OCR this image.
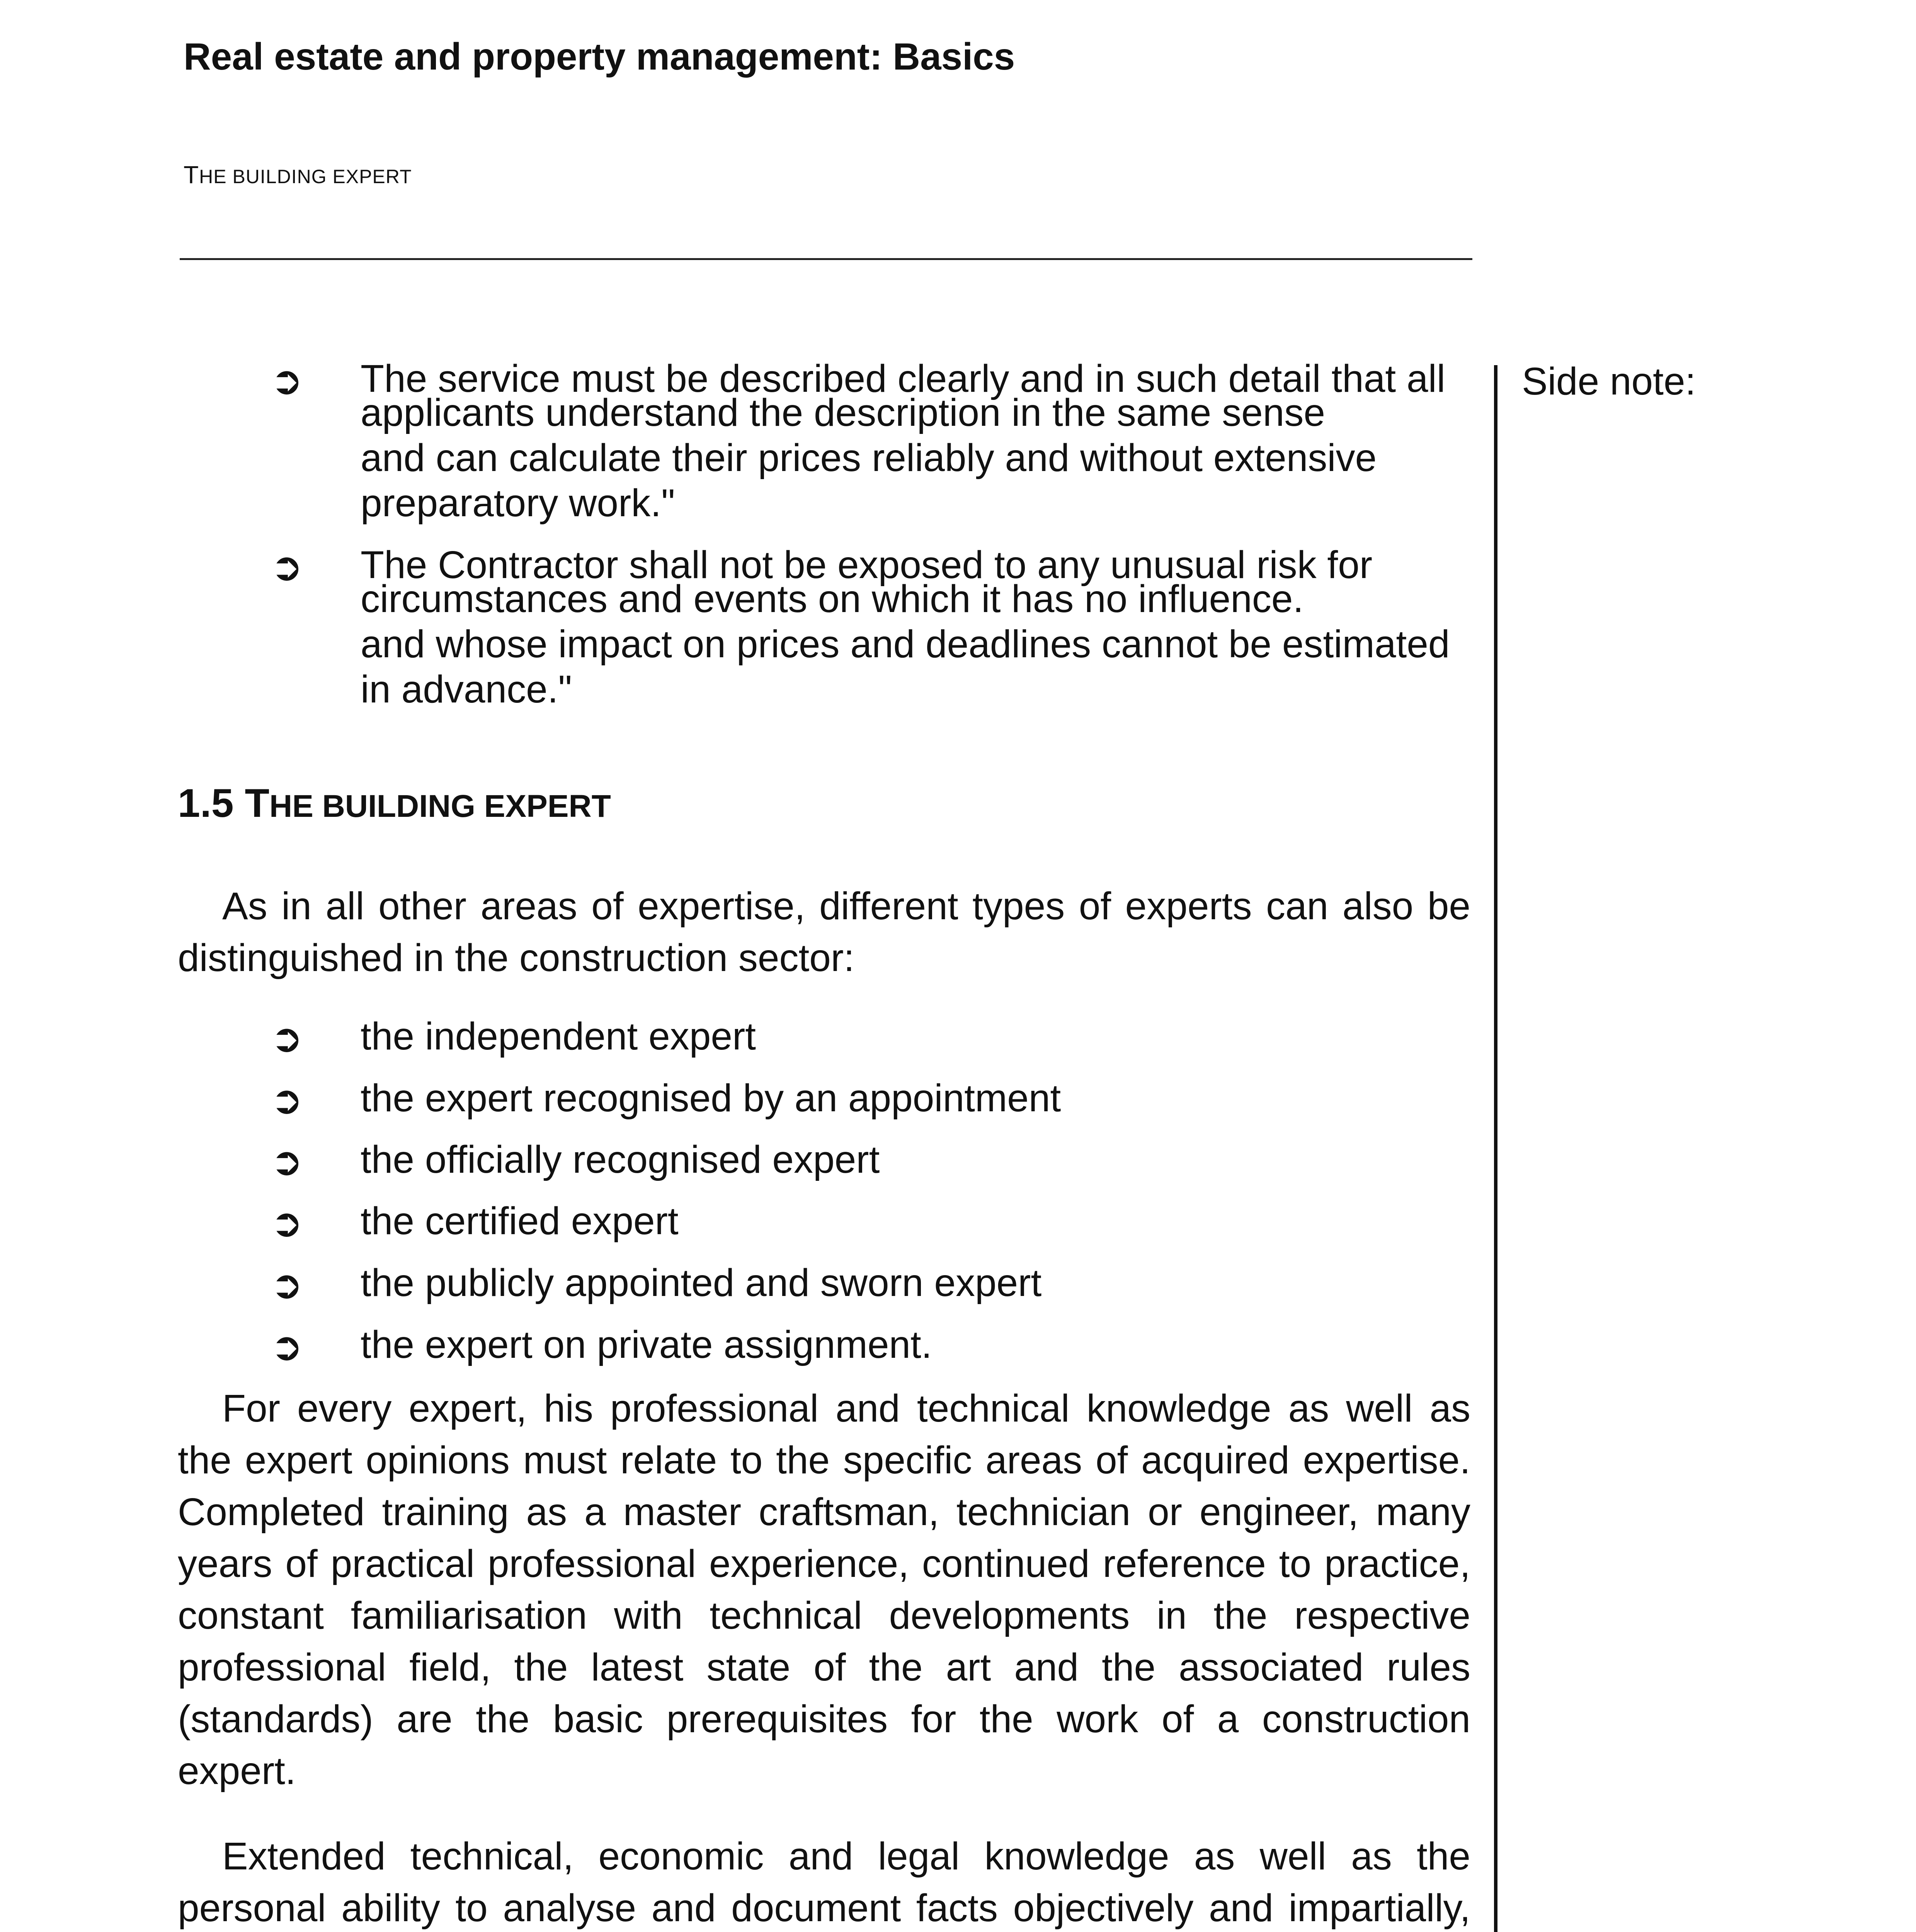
Real estate and property management: Basics
THE BUILDING EXPERT
Side note:
➲ The service must be described clearly and in such detail that all
applicants understand the description in the same sense
and can calculate their prices reliably and without extensive
preparatory work."
➲ The Contractor shall not be exposed to any unusual risk for
circumstances and events on which it has no influence.
and whose impact on prices and deadlines cannot be estimated
in advance."
1.5 THE BUILDING EXPERT

As in all other areas of expertise, different types of experts can also be distinguished in the construction sector:

➲ the independent expert
➲ the expert recognised by an appointment
➲ the officially recognised expert
➲ the certified expert
➲ the publicly appointed and sworn expert
➲ the expert on private assignment.

For every expert, his professional and technical knowledge as well as the expert opinions must relate to the specific areas of acquired expertise. Completed training as a master craftsman, technician or engineer, many years of practical professional experience, continued reference to practice, constant familiarisation with technical developments in the respective professional field, the latest state of the art and the associated rules (standards) are the basic prerequisites for the work of a construction expert.

Extended technical, economic and legal knowledge as well as the personal ability to analyse and document facts objectively and impartially,
